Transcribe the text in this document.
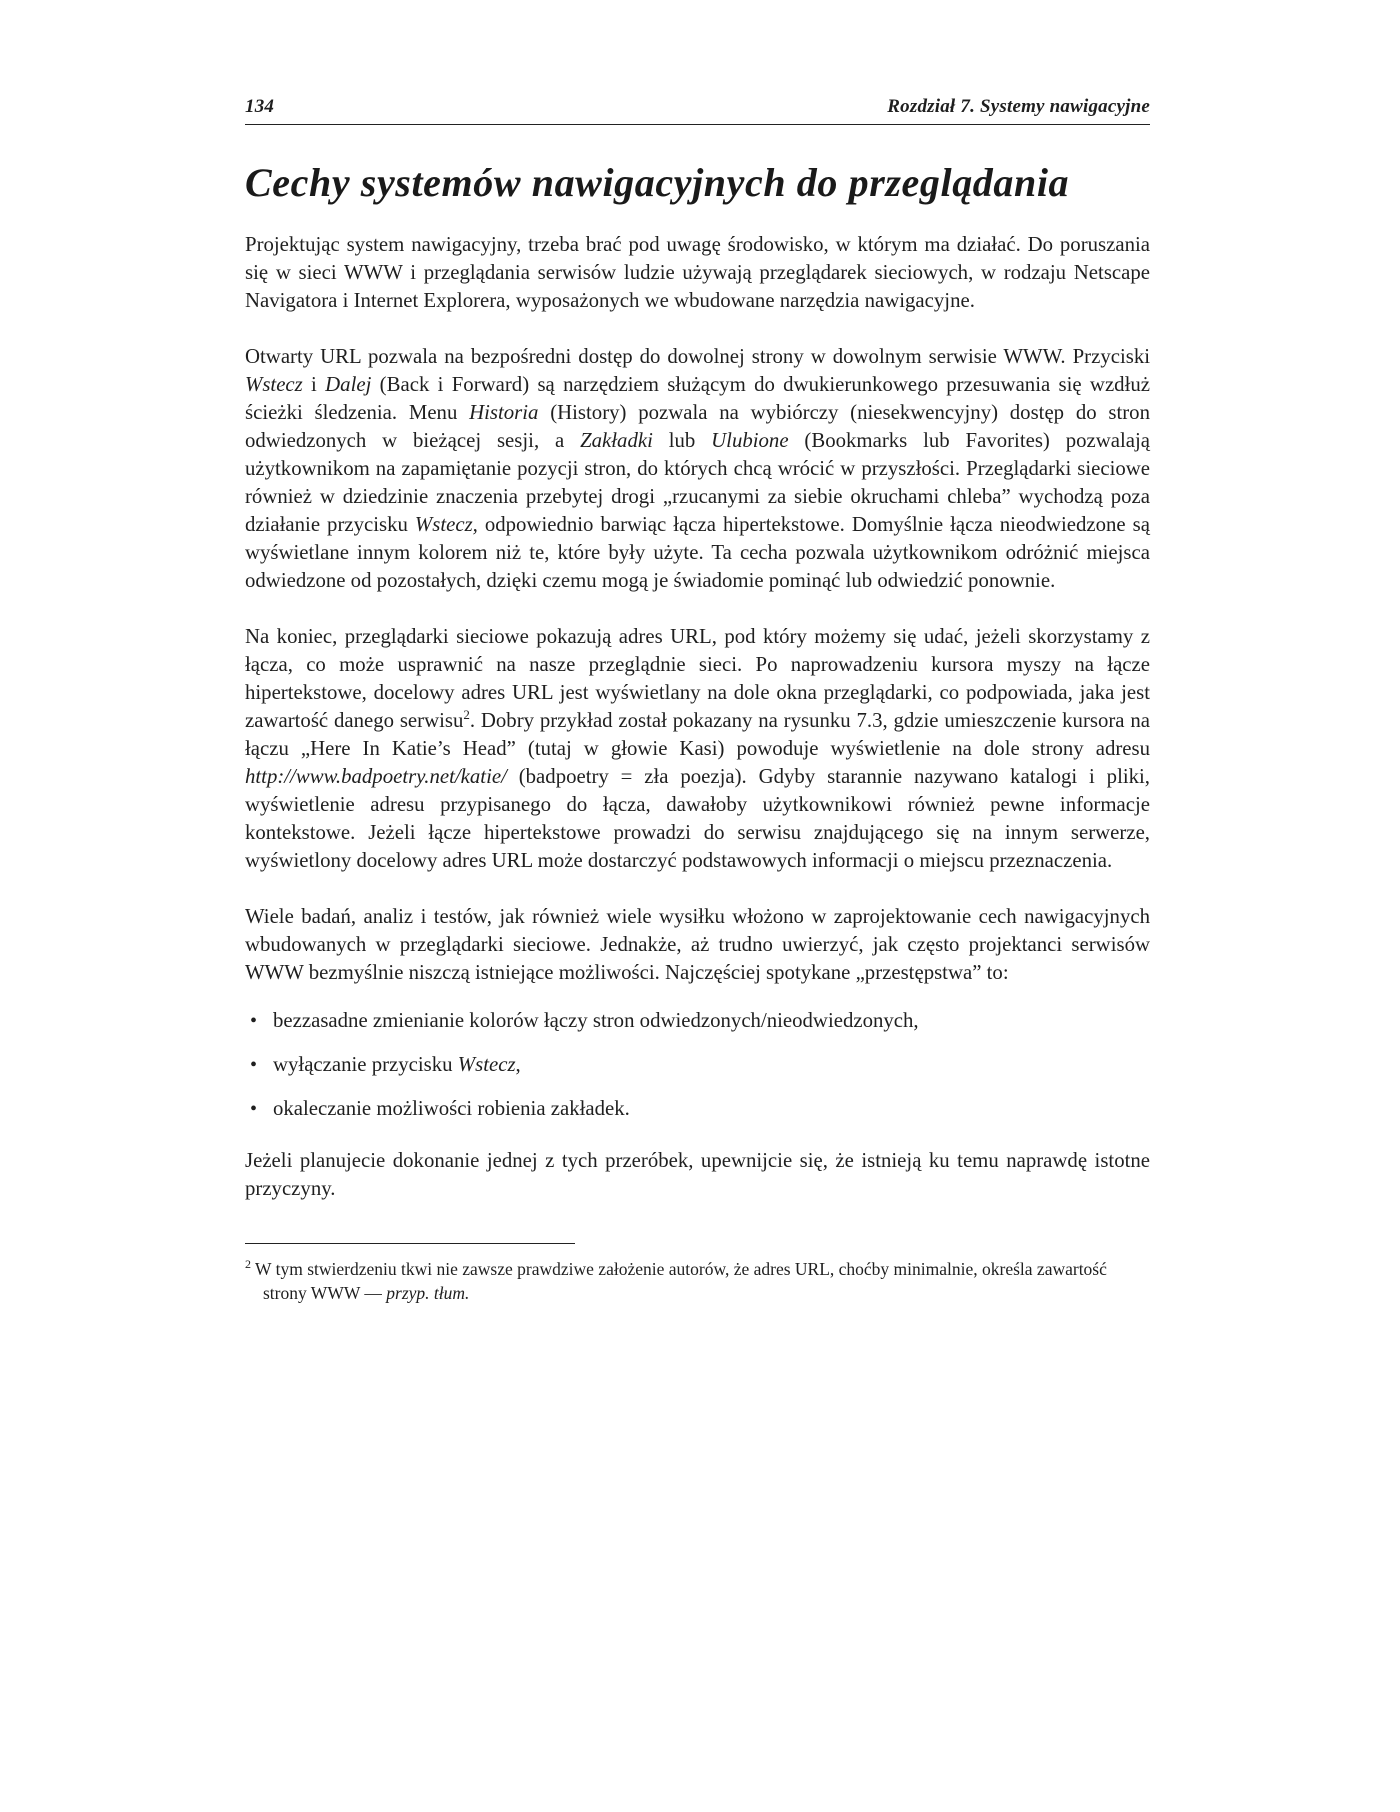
134	Rozdział 7. Systemy nawigacyjne
Cechy systemów nawigacyjnych do przeglądania

Projektując system nawigacyjny, trzeba brać pod uwagę środowisko, w którym ma działać. Do poruszania się w sieci WWW i przeglądania serwisów ludzie używają przeglądarek sieciowych, w rodzaju Netscape Navigatora i Internet Explorera, wyposażonych we wbudowane narzędzia nawigacyjne.

Otwarty URL pozwala na bezpośredni dostęp do dowolnej strony w dowolnym serwisie WWW. Przyciski Wstecz i Dalej (Back i Forward) są narzędziem służącym do dwukierunkowego przesuwania się wzdłuż ścieżki śledzenia. Menu Historia (History) pozwala na wybiórczy (niesekwencyjny) dostęp do stron odwiedzonych w bieżącej sesji, a Zakładki lub Ulubione (Bookmarks lub Favorites) pozwalają użytkownikom na zapamiętanie pozycji stron, do których chcą wrócić w przyszłości. Przeglądarki sieciowe również w dziedzinie znaczenia przebytej drogi „rzucanymi za siebie okruchami chleba” wychodzą poza działanie przycisku Wstecz, odpowiednio barwiąc łącza hipertekstowe. Domyślnie łącza nieodwiedzone są wyświetlane innym kolorem niż te, które były użyte. Ta cecha pozwala użytkownikom odróżnić miejsca odwiedzone od pozostałych, dzięki czemu mogą je świadomie pominąć lub odwiedzić ponownie.

Na koniec, przeglądarki sieciowe pokazują adres URL, pod który możemy się udać, jeżeli skorzystamy z łącza, co może usprawnić na nasze przeglądnie sieci. Po naprowadzeniu kursora myszy na łącze hipertekstowe, docelowy adres URL jest wyświetlany na dole okna przeglądarki, co podpowiada, jaka jest zawartość danego serwisu$^2$. Dobry przykład został pokazany na rysunku 7.3, gdzie umieszczenie kursora na łączu „Here In Katie’s Head” (tutaj w głowie Kasi) powoduje wyświetlenie na dole strony adresu http://www.badpoetry.net/katie/ (badpoetry = zła poezja). Gdyby starannie nazywano katalogi i pliki, wyświetlenie adresu przypisanego do łącza, dawałoby użytkownikowi również pewne informacje kontekstowe. Jeżeli łącze hipertekstowe prowadzi do serwisu znajdującego się na innym serwerze, wyświetlony docelowy adres URL może dostarczyć podstawowych informacji o miejscu przeznaczenia.

Wiele badań, analiz i testów, jak również wiele wysiłku włożono w zaprojektowanie cech nawigacyjnych wbudowanych w przeglądarki sieciowe. Jednakże, aż trudno uwierzyć, jak często projektanci serwisów WWW bezmyślnie niszczą istniejące możliwości. Najczęściej spotykane „przestępstwa” to:

• bezzasadne zmienianie kolorów łączy stron odwiedzonych/nieodwiedzonych,
• wyłączanie przycisku Wstecz,
• okaleczanie możliwości robienia zakładek.

Jeżeli planujecie dokonanie jednej z tych przeróbek, upewnijcie się, że istnieją ku temu naprawdę istotne przyczyny.

$^2$ W tym stwierdzeniu tkwi nie zawsze prawdziwe założenie autorów, że adres URL, choćby minimalnie, określa zawartość strony WWW — przyp. tłum.
